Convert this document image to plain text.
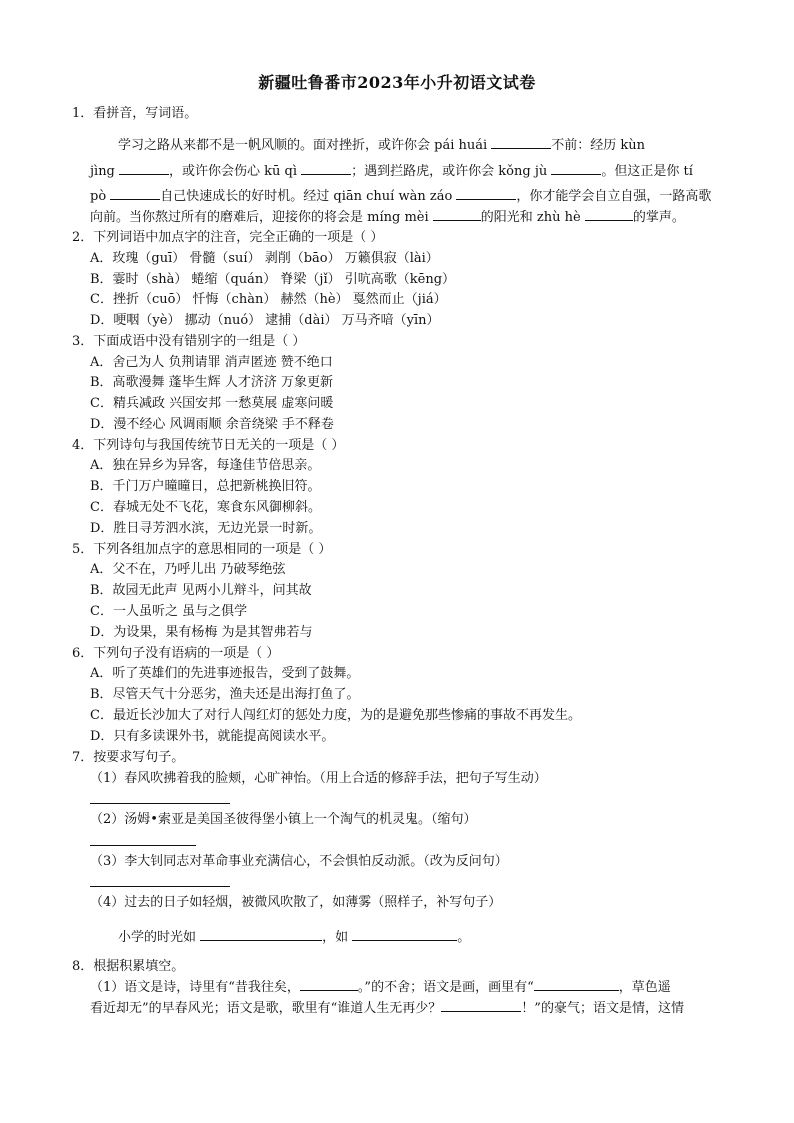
新疆吐鲁番市2023年小升初语文试卷
1．看拼音，写词语。
学习之路从来都不是一帆风顺的。面对挫折，或许你会 pái huái	不前：经历 kùn
jìng	，或许你会伤心 kū qì	；遇到拦路虎，或许你会 kǒng jù	。但这正是你 tí
pò	自己快速成长的好时机。经过 qiān chuí wàn záo	，你才能学会自立自强，一路高歌
向前。当你熬过所有的磨难后，迎接你的将会是 míng mèi	的阳光和 zhù hè	的掌声。
2．下列词语中加点字的注音，完全正确的一项是（ ）
A．玫瑰（guī） 骨髓（suí） 剥削（bāo） 万籁俱寂（lài）
B．霎时（shà） 蜷缩（quán） 脊梁（jǐ） 引吭高歌（kēng）
C．挫折（cuō） 忏悔（chàn） 赫然（hè） 戛然而止（jiá）
D．哽咽（yè） 挪动（nuó） 逮捕（dài） 万马齐喑（yīn）
3．下面成语中没有错别字的一组是（ ）
A．舍己为人 负荆请罪 消声匿迹 赞不绝口
B．高歌漫舞 蓬毕生辉 人才济济 万象更新
C．精兵减政 兴国安邦 一愁莫展 虚寒问暖
D．漫不经心 风调雨顺 余音绕梁 手不释卷
4．下列诗句与我国传统节日无关的一项是（ ）
A．独在异乡为异客，每逢佳节倍思亲。
B．千门万户曈曈日，总把新桃换旧符。
C．春城无处不飞花，寒食东风御柳斜。
D．胜日寻芳泗水滨，无边光景一时新。
5．下列各组加点字的意思相同的一项是（ ）
A．父不在，乃呼儿出 乃破琴绝弦
B．故园无此声 见两小儿辩斗，问其故
C．一人虽听之 虽与之俱学
D．为设果，果有杨梅 为是其智弗若与
6．下列句子没有语病的一项是（ ）
A．听了英雄们的先进事迹报告，受到了鼓舞。
B．尽管天气十分恶劣，渔夫还是出海打鱼了。
C．最近长沙加大了对行人闯红灯的惩处力度，为的是避免那些惨痛的事故不再发生。
D．只有多读课外书，就能提高阅读水平。
7．按要求写句子。
（1）春风吹拂着我的脸颊，心旷神怡。（用上合适的修辞手法，把句子写生动）
（2）汤姆•索亚是美国圣彼得堡小镇上一个淘气的机灵鬼。（缩句）
（3）李大钊同志对革命事业充满信心，不会惧怕反动派。（改为反问句）
（4）过去的日子如轻烟，被微风吹散了，如薄雾（照样子，补写句子）
小学的时光如	，如	。
8．根据积累填空。
（1）语文是诗，诗里有“昔我往矣，	。”的不舍；语文是画，画里有“	，草色遥
看近却无”的早春风光；语文是歌，歌里有“谁道人生无再少？	！”的豪气；语文是情，这情
